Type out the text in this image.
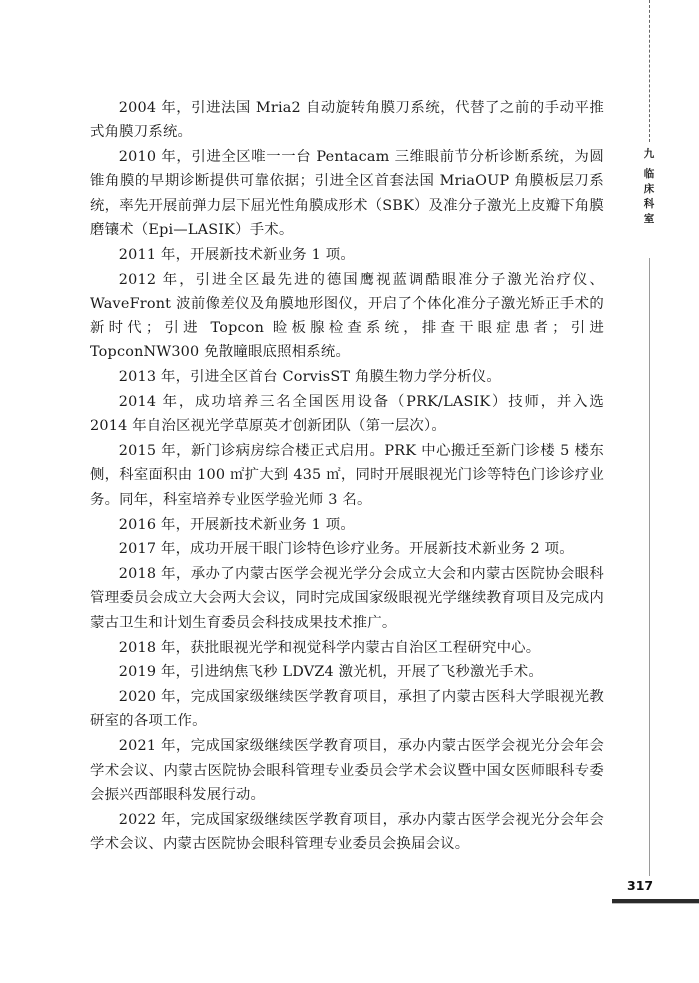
九
临
床
科
室

2004 年，引进法国 Mria2 自动旋转角膜刀系统，代替了之前的手动平推式角膜刀系统。

2010 年，引进全区唯一一台 Pentacam 三维眼前节分析诊断系统，为圆锥角膜的早期诊断提供可靠依据；引进全区首套法国 MriaOUP 角膜板层刀系统，率先开展前弹力层下屈光性角膜成形术（SBK）及准分子激光上皮瓣下角膜磨镶术（Epi—LASIK）手术。

2011 年，开展新技术新业务 1 项。

2012 年，引进全区最先进的德国鹰视蓝调酷眼准分子激光治疗仪、WaveFront 波前像差仪及角膜地形图仪，开启了个体化准分子激光矫正手术的新时代；引进 Topcon 睑板腺检查系统，排查干眼症患者；引进 TopconNW300 免散瞳眼底照相系统。

2013 年，引进全区首台 CorvisST 角膜生物力学分析仪。

2014 年，成功培养三名全国医用设备（PRK/LASIK）技师，并入选 2014 年自治区视光学草原英才创新团队（第一层次）。

2015 年，新门诊病房综合楼正式启用。PRK 中心搬迁至新门诊楼 5 楼东侧，科室面积由 100 ㎡扩大到 435 ㎡，同时开展眼视光门诊等特色门诊诊疗业务。同年，科室培养专业医学验光师 3 名。

2016 年，开展新技术新业务 1 项。

2017 年，成功开展干眼门诊特色诊疗业务。开展新技术新业务 2 项。

2018 年，承办了内蒙古医学会视光学分会成立大会和内蒙古医院协会眼科管理委员会成立大会两大会议，同时完成国家级眼视光学继续教育项目及完成内蒙古卫生和计划生育委员会科技成果技术推广。

2018 年，获批眼视光学和视觉科学内蒙古自治区工程研究中心。

2019 年，引进纳焦飞秒 LDVZ4 激光机，开展了飞秒激光手术。

2020 年，完成国家级继续医学教育项目，承担了内蒙古医科大学眼视光教研室的各项工作。

2021 年，完成国家级继续医学教育项目，承办内蒙古医学会视光分会年会学术会议、内蒙古医院协会眼科管理专业委员会学术会议暨中国女医师眼科专委会振兴西部眼科发展行动。

2022 年，完成国家级继续医学教育项目，承办内蒙古医学会视光分会年会学术会议、内蒙古医院协会眼科管理专业委员会换届会议。

317
